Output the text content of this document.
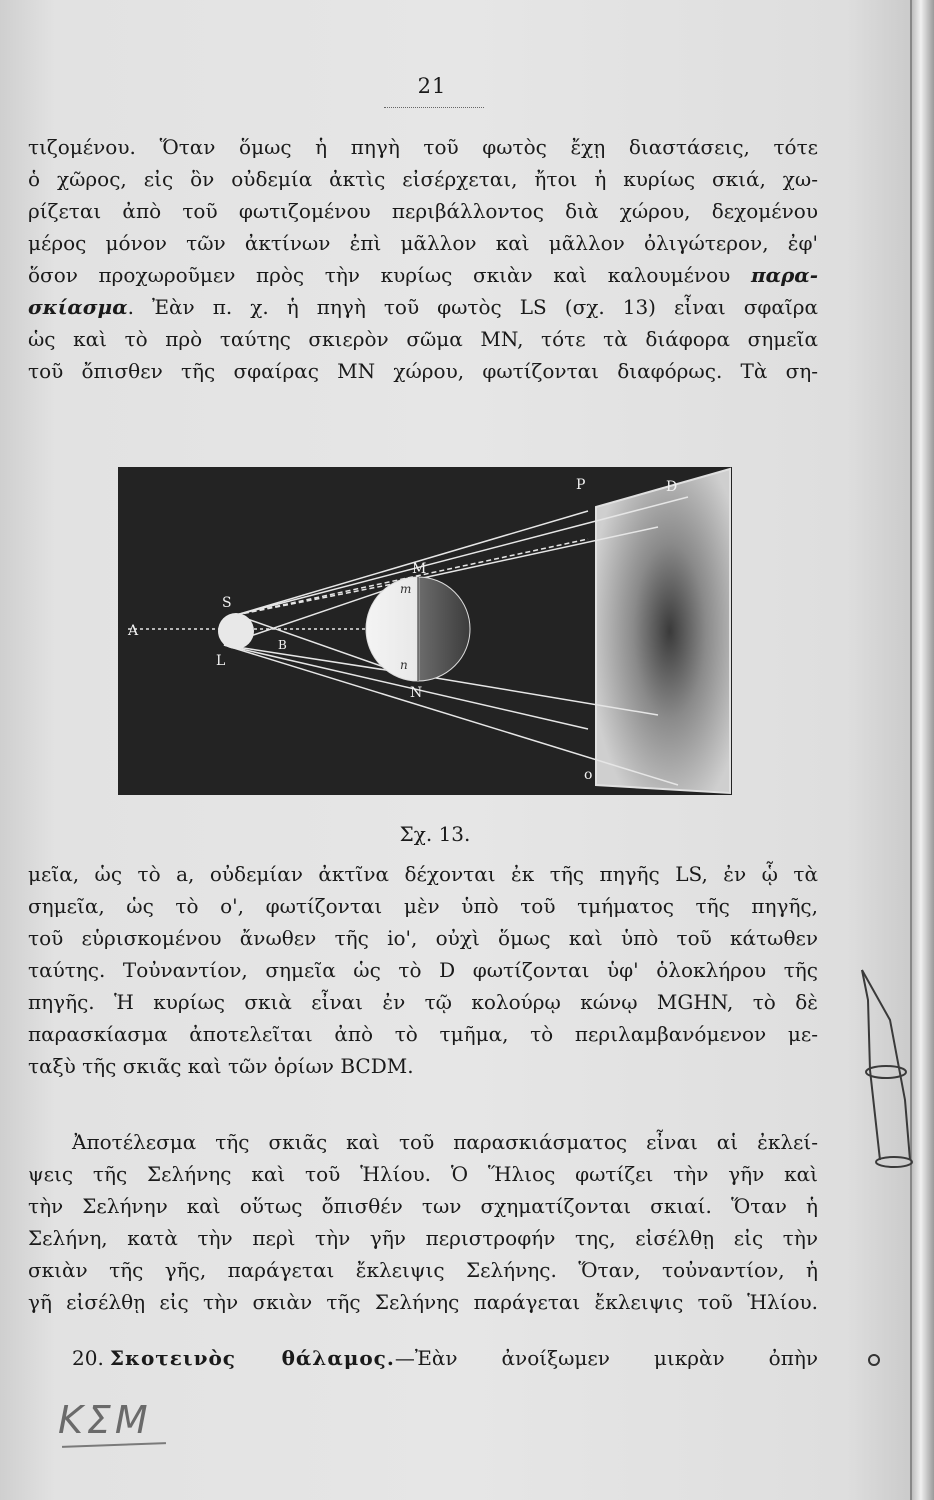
21
τιζομένου. Ὅταν ὅμως ἡ πηγὴ τοῦ φωτὸς ἔχῃ διαστάσεις, τότε
ὁ χῶρος, εἰς ὃν οὐδεμία ἀκτὶς εἰσέρχεται, ἤτοι ἡ κυρίως σκιά, χω-
ρίζεται ἀπὸ τοῦ φωτιζομένου περιβάλλοντος διὰ χώρου, δεχομένου
μέρος μόνον τῶν ἀκτίνων ἐπὶ μᾶλλον καὶ μᾶλλον ὀλιγώτερον, ἐφ'
ὅσον προχωροῦμεν πρὸς τὴν κυρίως σκιὰν καὶ καλουμένου παρα-
σκίασμα. Ἐὰν π. χ. ἡ πηγὴ τοῦ φωτὸς LS (σχ. 13) εἶναι σφαῖρα
ὡς καὶ τὸ πρὸ ταύτης σκιερὸν σῶμα MN, τότε τὰ διάφορα σημεῖα
τοῦ ὄπισθεν τῆς σφαίρας MN χώρου, φωτίζονται διαφόρως. Τὰ ση-
A
S
L
B
M
N
m
n
P	D
o
Σχ. 13.
μεῖα, ὡς τὸ a, οὐδεμίαν ἀκτῖνα δέχονται ἐκ τῆς πηγῆς LS, ἐν ᾧ τὰ
σημεῖα, ὡς τὸ o', φωτίζονται μὲν ὑπὸ τοῦ τμήματος τῆς πηγῆς,
τοῦ εὑρισκομένου ἄνωθεν τῆς io', οὐχὶ ὅμως καὶ ὑπὸ τοῦ κάτωθεν
ταύτης. Τοὐναντίον, σημεῖα ὡς τὸ D φωτίζονται ὑφ' ὁλοκλήρου τῆς
πηγῆς. Ἡ κυρίως σκιὰ εἶναι ἐν τῷ κολούρῳ κώνῳ MGHN, τὸ δὲ
παρασκίασμα ἀποτελεῖται ἀπὸ τὸ τμῆμα, τὸ περιλαμβανόμενον με-
ταξὺ τῆς σκιᾶς καὶ τῶν ὁρίων BCDM.
Ἀποτέλεσμα τῆς σκιᾶς καὶ τοῦ παρασκιάσματος εἶναι αἱ ἐκλεί-
ψεις τῆς Σελήνης καὶ τοῦ Ἡλίου. Ὁ Ἥλιος φωτίζει τὴν γῆν καὶ
τὴν Σελήνην καὶ οὕτως ὄπισθέν των σχηματίζονται σκιαί. Ὅταν ἡ
Σελήνη, κατὰ τὴν περὶ τὴν γῆν περιστροφήν της, εἰσέλθῃ εἰς τὴν
σκιὰν τῆς γῆς, παράγεται ἔκλειψις Σελήνης. Ὅταν, τοὐναντίον, ἡ
γῆ εἰσέλθῃ εἰς τὴν σκιὰν τῆς Σελήνης παράγεται ἔκλειψις τοῦ Ἡλίου.
20. Σκοτεινὸς θάλαμος.—Ἐὰν ἀνοίξωμεν μικρὰν ὀπὴν
ΚΣΜ
